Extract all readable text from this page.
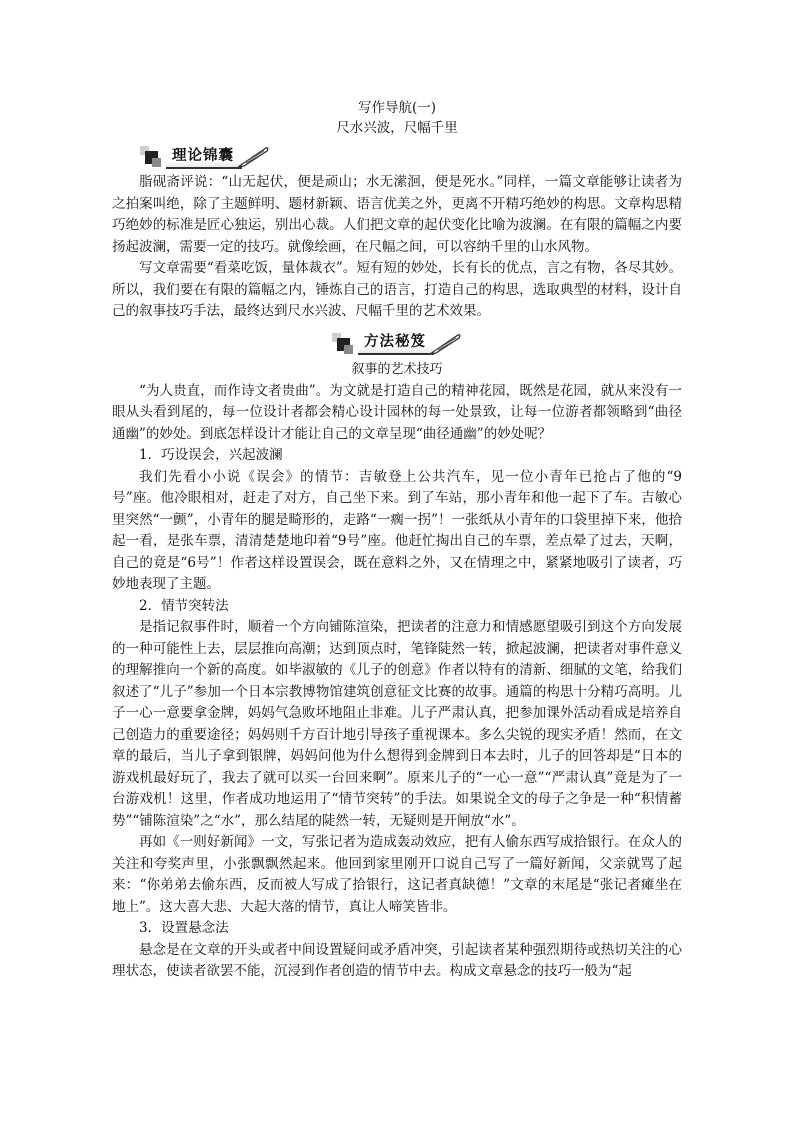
写作导航(一)
尺水兴波，尺幅千里
理论锦囊

脂砚斋评说：“山无起伏，便是顽山；水无潆洄，便是死水。”同样，一篇文章能够让读者为之拍案叫绝，除了主题鲜明、题材新颖、语言优美之外，更离不开精巧绝妙的构思。文章构思精巧绝妙的标准是匠心独运，别出心裁。人们把文章的起伏变化比喻为波澜。在有限的篇幅之内要扬起波澜，需要一定的技巧。就像绘画，在尺幅之间，可以容纳千里的山水风物。

写文章需要“看菜吃饭，量体裁衣”。短有短的妙处，长有长的优点，言之有物，各尽其妙。所以，我们要在有限的篇幅之内，锤炼自己的语言，打造自己的构思，选取典型的材料，设计自己的叙事技巧手法，最终达到尺水兴波、尺幅千里的艺术效果。

方法秘笈
叙事的艺术技巧

“为人贵直，而作诗文者贵曲”。为文就是打造自己的精神花园，既然是花园，就从来没有一眼从头看到尾的，每一位设计者都会精心设计园林的每一处景致，让每一位游者都领略到“曲径通幽”的妙处。到底怎样设计才能让自己的文章呈现“曲径通幽”的妙处呢？

1．巧设误会，兴起波澜

我们先看小小说《误会》的情节：吉敏登上公共汽车，见一位小青年已抢占了他的“9号”座。他冷眼相对，赶走了对方，自己坐下来。到了车站，那小青年和他一起下了车。吉敏心里突然“一颤”，小青年的腿是畸形的，走路“一瘸一拐”！一张纸从小青年的口袋里掉下来，他拾起一看，是张车票，清清楚楚地印着“9号”座。他赶忙掏出自己的车票，差点晕了过去，天啊，自己的竟是“6号”！作者这样设置误会，既在意料之外，又在情理之中，紧紧地吸引了读者，巧妙地表现了主题。

2．情节突转法

是指记叙事件时，顺着一个方向铺陈渲染，把读者的注意力和情感愿望吸引到这个方向发展的一种可能性上去，层层推向高潮；达到顶点时，笔锋陡然一转，掀起波澜，把读者对事件意义的理解推向一个新的高度。如毕淑敏的《儿子的创意》作者以特有的清新、细腻的文笔，给我们叙述了“儿子”参加一个日本宗教博物馆建筑创意征文比赛的故事。通篇的构思十分精巧高明。儿子一心一意要拿金牌，妈妈气急败坏地阻止非难。儿子严肃认真，把参加课外活动看成是培养自己创造力的重要途径；妈妈则千方百计地引导孩子重视课本。多么尖锐的现实矛盾！然而，在文章的最后，当儿子拿到银牌，妈妈问他为什么想得到金牌到日本去时，儿子的回答却是“日本的游戏机最好玩了，我去了就可以买一台回来啊”。原来儿子的“一心一意”“严肃认真”竟是为了一台游戏机！这里，作者成功地运用了“情节突转”的手法。如果说全文的母子之争是一种“积情蓄势”“铺陈渲染”之“水”，那么结尾的陡然一转，无疑则是开闸放“水”。

再如《一则好新闻》一文，写张记者为造成轰动效应，把有人偷东西写成拾银行。在众人的关注和夸奖声里，小张飘飘然起来。他回到家里刚开口说自己写了一篇好新闻，父亲就骂了起来：“你弟弟去偷东西，反而被人写成了拾银行，这记者真缺德！”文章的末尾是“张记者瘫坐在地上”。这大喜大悲、大起大落的情节，真让人啼笑皆非。

3．设置悬念法

悬念是在文章的开头或者中间设置疑问或矛盾冲突，引起读者某种强烈期待或热切关注的心理状态，使读者欲罢不能，沉浸到作者创造的情节中去。构成文章悬念的技巧一般为“起
